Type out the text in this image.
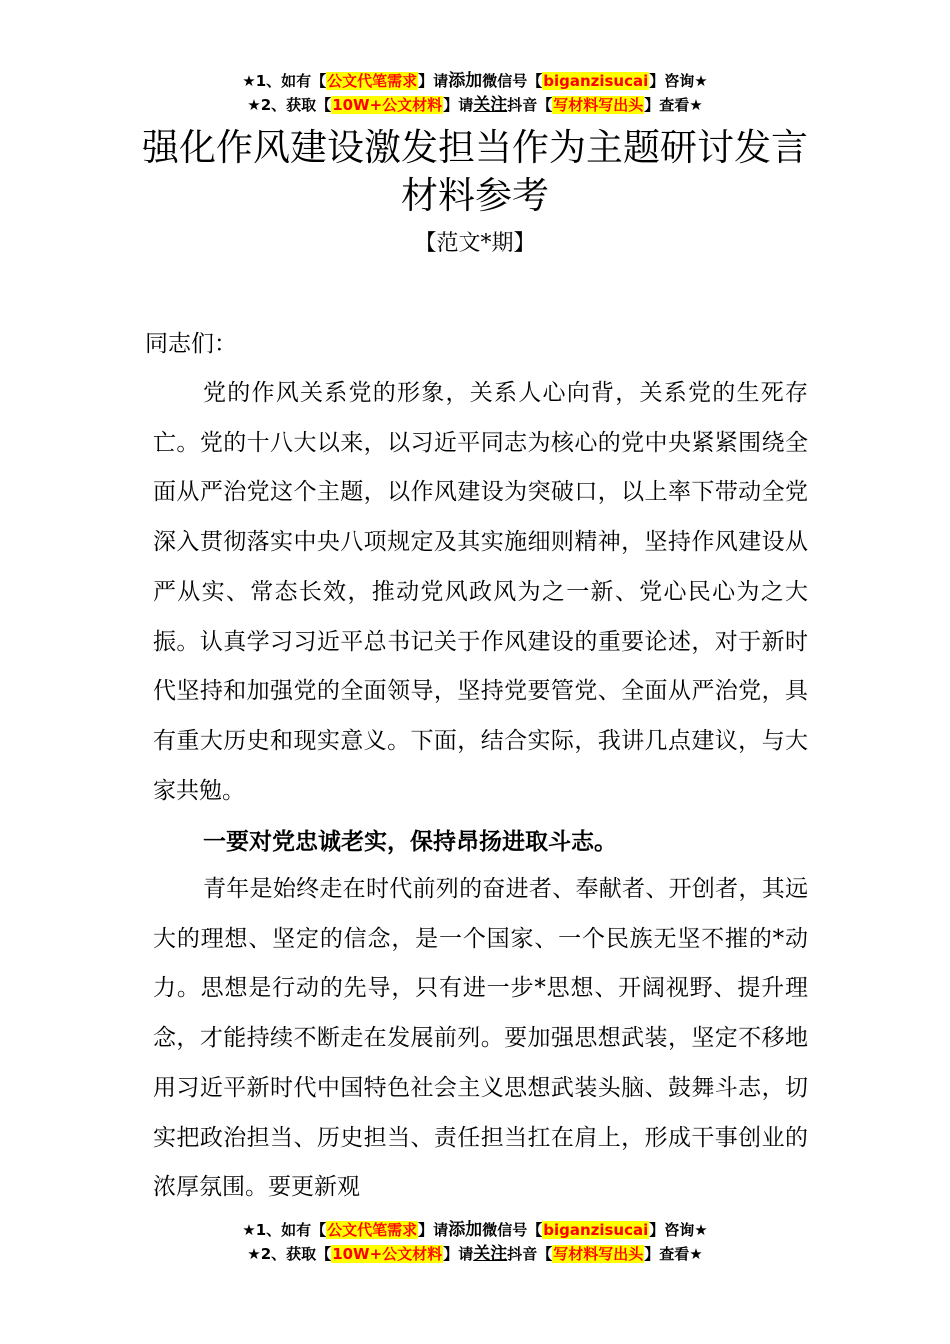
★1、如有【公文代笔需求】请添加微信号【biganzisucai】咨询★
★2、获取【10W+公文材料】请关注抖音【写材料写出头】查看★
强化作风建设激发担当作为主题研讨发言
材料参考
【范文*期】
同志们：

党的作风关系党的形象，关系人心向背，关系党的生死存亡。党的十八大以来，以习近平同志为核心的党中央紧紧围绕全面从严治党这个主题，以作风建设为突破口，以上率下带动全党深入贯彻落实中央八项规定及其实施细则精神，坚持作风建设从严从实、常态长效，推动党风政风为之一新、党心民心为之大振。认真学习习近平总书记关于作风建设的重要论述，对于新时代坚持和加强党的全面领导，坚持党要管党、全面从严治党，具有重大历史和现实意义。下面，结合实际，我讲几点建议，与大家共勉。

一要对党忠诚老实，保持昂扬进取斗志。

青年是始终走在时代前列的奋进者、奉献者、开创者，其远大的理想、坚定的信念，是一个国家、一个民族无坚不摧的*动力。思想是行动的先导，只有进一步*思想、开阔视野、提升理念，才能持续不断走在发展前列。要加强思想武装，坚定不移地用习近平新时代中国特色社会主义思想武装头脑、鼓舞斗志，切实把政治担当、历史担当、责任担当扛在肩上，形成干事创业的浓厚氛围。要更新观

★1、如有【公文代笔需求】请添加微信号【biganzisucai】咨询★
★2、获取【10W+公文材料】请关注抖音【写材料写出头】查看★
